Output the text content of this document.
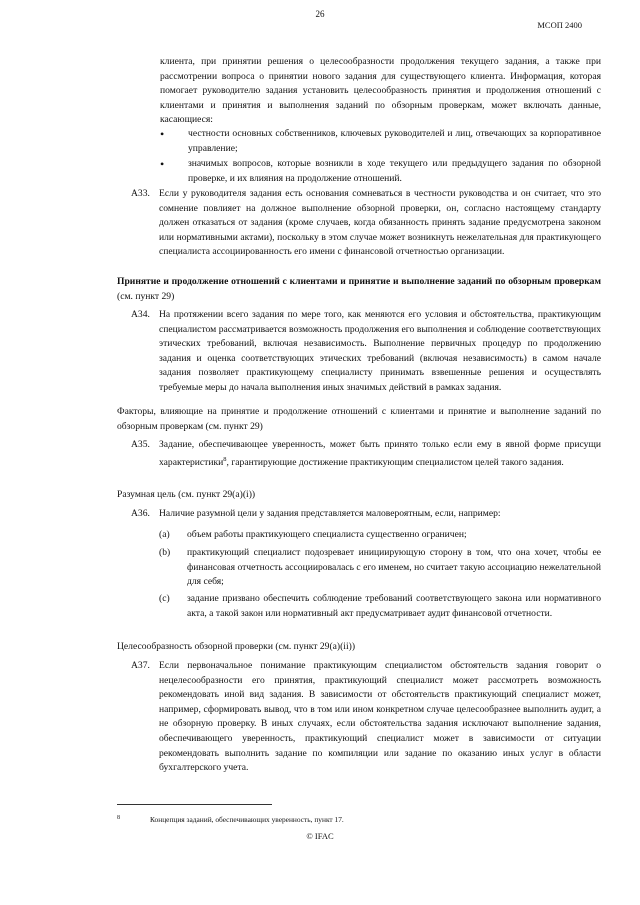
26
МСОП 2400

клиента, при принятии решения о целесообразности продолжения текущего задания, а также при рассмотрении вопроса о принятии нового задания для существующего клиента. Информация, которая помогает руководителю задания установить целесообразность принятия и продолжения отношений с клиентами и принятия и выполнения заданий по обзорным проверкам, может включать данные, касающиеся:

• честности основных собственников, ключевых руководителей и лиц, отвечающих за корпоративное управление;
• значимых вопросов, которые возникли в ходе текущего или предыдущего задания по обзорной проверке, и их влияния на продолжение отношений.
A33. Если у руководителя задания есть основания сомневаться в честности руководства и он считает, что это сомнение повлияет на должное выполнение обзорной проверки, он, согласно настоящему стандарту должен отказаться от задания (кроме случаев, когда обязанность принять задание предусмотрена законом или нормативными актами), поскольку в этом случае может возникнуть нежелательная для практикующего специалиста ассоциированность его имени с финансовой отчетностью организации.
Принятие и продолжение отношений с клиентами и принятие и выполнение заданий по обзорным проверкам (см. пункт 29)
A34. На протяжении всего задания по мере того, как меняются его условия и обстоятельства, практикующим специалистом рассматривается возможность продолжения его выполнения и соблюдение соответствующих этических требований, включая независимость. Выполнение первичных процедур по продолжению задания и оценка соответствующих этических требований (включая независимость) в самом начале задания позволяет практикующему специалисту принимать взвешенные решения и осуществлять требуемые меры до начала выполнения иных значимых действий в рамках задания.
Факторы, влияющие на принятие и продолжение отношений с клиентами и принятие и выполнение заданий по обзорным проверкам (см. пункт 29)
A35. Задание, обеспечивающее уверенность, может быть принято только если ему в явной форме присущи характеристики$^8$, гарантирующие достижение практикующим специалистом целей такого задания.
Разумная цель (см. пункт 29(a)(i))
A36. Наличие разумной цели у задания представляется маловероятным, если, например:
(a) объем работы практикующего специалиста существенно ограничен;
(b) практикующий специалист подозревает инициирующую сторону в том, что она хочет, чтобы ее финансовая отчетность ассоциировалась с его именем, но считает такую ассоциацию нежелательной для себя;
(c) задание призвано обеспечить соблюдение требований соответствующего закона или нормативного акта, а такой закон или нормативный акт предусматривает аудит финансовой отчетности.
Целесообразность обзорной проверки (см. пункт 29(a)(ii))
A37. Если первоначальное понимание практикующим специалистом обстоятельств задания говорит о нецелесообразности его принятия, практикующий специалист может рассмотреть возможность рекомендовать иной вид задания. В зависимости от обстоятельств практикующий специалист может, например, сформировать вывод, что в том или ином конкретном случае целесообразнее выполнить аудит, а не обзорную проверку. В иных случаях, если обстоятельства задания исключают выполнение задания, обеспечивающего уверенность, практикующий специалист может в зависимости от ситуации рекомендовать выполнить задание по компиляции или задание по оказанию иных услуг в области бухгалтерского учета.
$^8$	Концепция заданий, обеспечивающих уверенность, пункт 17.
© IFAC
